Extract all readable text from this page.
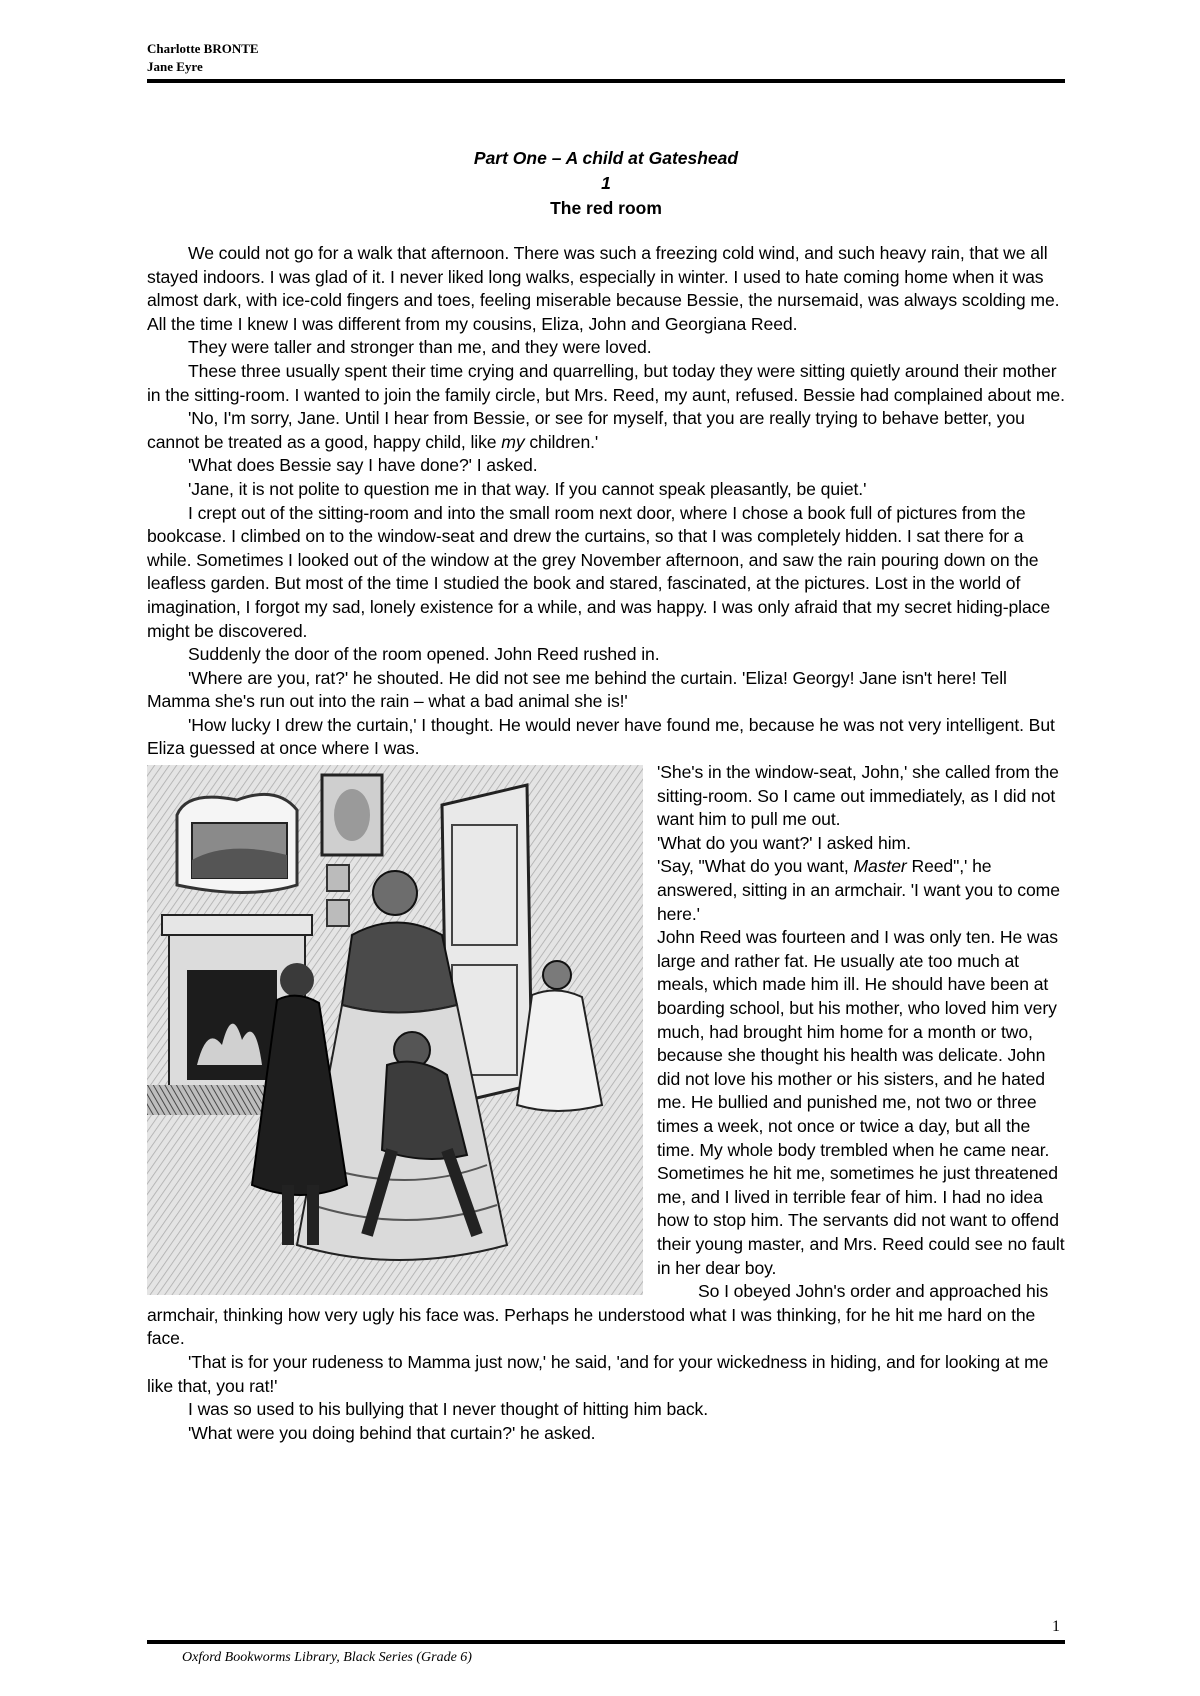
Charlotte BRONTE
Jane Eyre
Part One – A child at Gateshead
1
The red room

We could not go for a walk that afternoon. There was such a freezing cold wind, and such heavy rain, that we all stayed indoors. I was glad of it. I never liked long walks, especially in winter. I used to hate coming home when it was almost dark, with ice-cold fingers and toes, feeling miserable because Bessie, the nursemaid, was always scolding me. All the time I knew I was different from my cousins, Eliza, John and Georgiana Reed.

They were taller and stronger than me, and they were loved.

These three usually spent their time crying and quarrelling, but today they were sitting quietly around their mother in the sitting-room. I wanted to join the family circle, but Mrs. Reed, my aunt, refused. Bessie had complained about me.

'No, I'm sorry, Jane. Until I hear from Bessie, or see for myself, that you are really trying to behave better, you cannot be treated as a good, happy child, like my children.'

'What does Bessie say I have done?' I asked.

'Jane, it is not polite to question me in that way. If you cannot speak pleasantly, be quiet.'

I crept out of the sitting-room and into the small room next door, where I chose a book full of pictures from the bookcase. I climbed on to the window-seat and drew the curtains, so that I was completely hidden. I sat there for a while. Sometimes I looked out of the window at the grey November afternoon, and saw the rain pouring down on the leafless garden. But most of the time I studied the book and stared, fascinated, at the pictures. Lost in the world of imagination, I forgot my sad, lonely existence for a while, and was happy. I was only afraid that my secret hiding-place might be discovered.

Suddenly the door of the room opened. John Reed rushed in.

'Where are you, rat?' he shouted. He did not see me behind the curtain. 'Eliza! Georgy! Jane isn't here! Tell Mamma she's run out into the rain – what a bad animal she is!'

'How lucky I drew the curtain,' I thought. He would never have found me, because he was not very intelligent. But Eliza guessed at once where I was.

'She's in the window-seat, John,' she called from the sitting-room. So I came out immediately, as I did not want him to pull me out.

'What do you want?' I asked him.

'Say, "What do you want, Master Reed",' he answered, sitting in an armchair. 'I want you to come here.'

John Reed was fourteen and I was only ten. He was large and rather fat. He usually ate too much at meals, which made him ill. He should have been at boarding school, but his mother, who loved him very much, had brought him home for a month or two, because she thought his health was delicate. John did not love his mother or his sisters, and he hated me. He bullied and punished me, not two or three times a week, not once or twice a day, but all the time. My whole body trembled when he came near. Sometimes he hit me, sometimes he just threatened me, and I lived in terrible fear of him. I had no idea how to stop him. The servants did not want to offend their young master, and Mrs. Reed could see no fault in her dear boy.

So I obeyed John's order and approached his armchair, thinking how very ugly his face was. Perhaps he understood what I was thinking, for he hit me hard on the face.

'That is for your rudeness to Mamma just now,' he said, 'and for your wickedness in hiding, and for looking at me like that, you rat!'

I was so used to his bullying that I never thought of hitting him back.

'What were you doing behind that curtain?' he asked.

1
Oxford Bookworms Library, Black Series (Grade 6)
